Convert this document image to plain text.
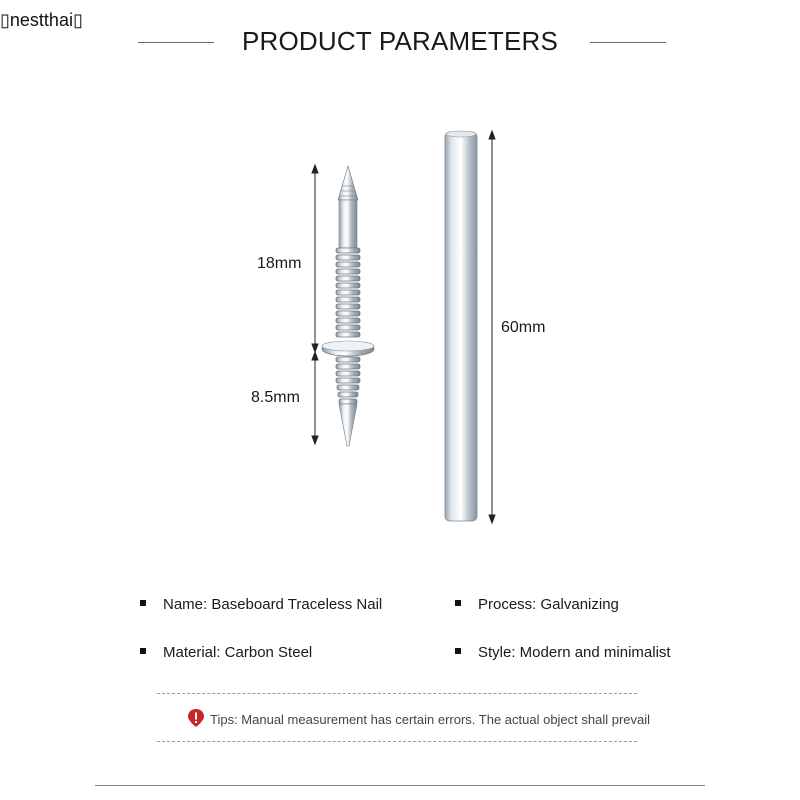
▯nestthai▯
PRODUCT PARAMETERS
18mm
8.5mm
60mm
Name: Baseboard Traceless Nail	Process: Galvanizing
Material: Carbon Steel	Style: Modern and minimalist
Tips: Manual measurement has certain errors. The actual object shall prevail
